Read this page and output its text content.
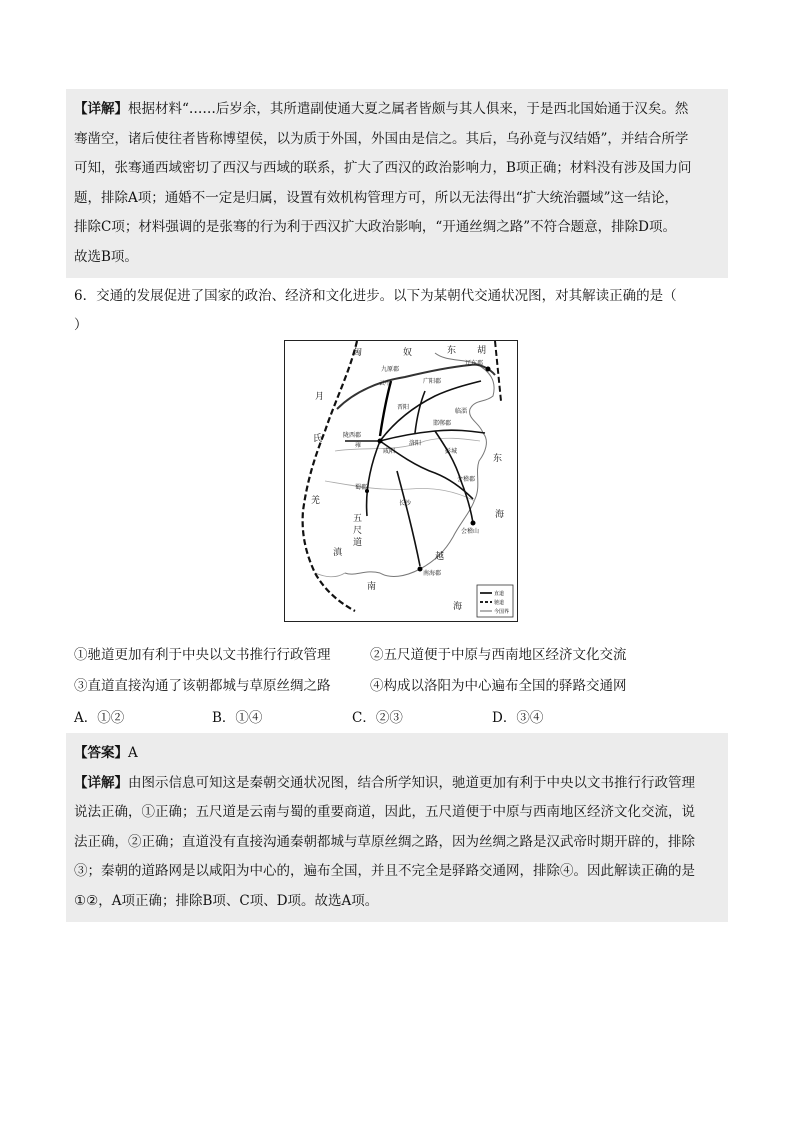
【详解】根据材料“……后岁余，其所遣副使通大夏之属者皆颇与其人俱来，于是西北国始通于汉矣。然
骞凿空，诸后使往者皆称博望侯，以为质于外国，外国由是信之。其后，乌孙竟与汉结婚”，并结合所学
可知，张骞通西域密切了西汉与西域的联系，扩大了西汉的政治影响力，B项正确；材料没有涉及国力问
题，排除A项；通婚不一定是归属，设置有效机构管理方可，所以无法得出“扩大统治疆域”这一结论，
排除C项；材料强调的是张骞的行为利于西汉扩大政治影响，“开通丝绸之路”不符合题意，排除D项。
故选B项。
6．交通的发展促进了国家的政治、经济和文化进步。以下为某朝代交通状况图，对其解读正确的是（
）
匈	奴	东 胡
月
氏
羌
滇
南
海
东
海
越
五
尺
道
九原郡
云中	广阳郡
辽东郡
陇西郡
咸阳
邯郸郡
雍
临淄
蜀郡
长沙
会稽郡
会稽山
南海郡
晋阳
洛阳
彭城
直道
驰道
今国界
①驰道更加有利于中央以文书推行行政管理	②五尺道便于中原与西南地区经济文化交流
③直道直接沟通了该朝都城与草原丝绸之路	④构成以洛阳为中心遍布全国的驿路交通网
A．①②	B．①④	C．②③	D．③④
【答案】A
【详解】由图示信息可知这是秦朝交通状况图，结合所学知识，驰道更加有利于中央以文书推行行政管理
说法正确，①正确；五尺道是云南与蜀的重要商道，因此，五尺道便于中原与西南地区经济文化交流，说
法正确，②正确；直道没有直接沟通秦朝都城与草原丝绸之路，因为丝绸之路是汉武帝时期开辟的，排除
③；秦朝的道路网是以咸阳为中心的，遍布全国，并且不完全是驿路交通网，排除④。因此解读正确的是
①②，A项正确；排除B项、C项、D项。故选A项。
